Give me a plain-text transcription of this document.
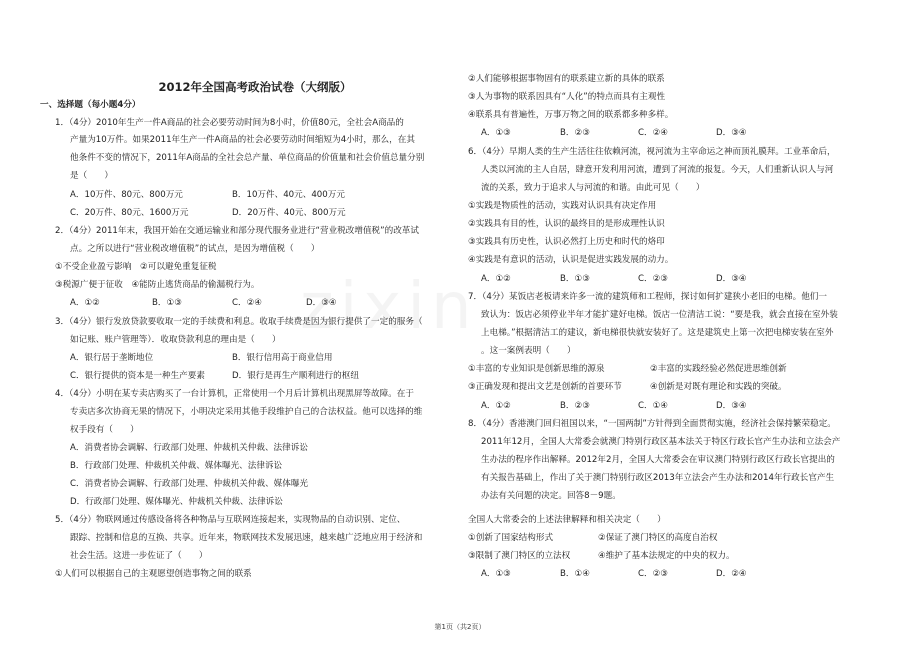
2012年全国高考政治试卷（大纲版）
一、选择题（每小题4分）
1．（4分）2010年生产一件A商品的社会必要劳动时间为8小时，价值80元，全社会A商品的
产量为10万件。如果2011年生产一件A商品的社会必要劳动时间缩短为4小时，那么，在其
他条件不变的情况下，2011年A商品的全社会总产量、单位商品的价值量和社会价值总量分别
是（　　）
A．10万件、80元、800万元	B．10万件、40元、400万元
C．20万件、80元、1600万元	D．20万件、40元、800万元
2．（4分）2011年末，我国开始在交通运输业和部分现代服务业进行“营业税改增值税”的改革试
点。之所以进行“营业税改增值税”的试点，是因为增值税（　　）
①不受企业盈亏影响　②可以避免重复征税
③税源广便于征收　④能防止逃货商品的偷漏税行为。
A．①②	B．①③	C．②④	D．③④
3．（4分）银行发放贷款要收取一定的手续费和利息。收取手续费是因为银行提供了一定的服务（
如记账、账户管理等）．收取贷款利息的理由是（　　）
A．银行居于垄断地位	B．银行信用高于商业信用
C．银行提供的资本是一种生产要素	D．银行是再生产顺利进行的枢纽
4．（4分）小明在某专卖店购买了一台计算机，正常使用一个月后计算机出现黑屏等故障。在于
专卖店多次协商无果的情况下，小明决定采用其他手段维护自己的合法权益。他可以选择的维
权手段有（　　）
A．消费者协会调解、行政部门处理、仲裁机关仲裁、法律诉讼
B．行政部门处理、仲裁机关仲裁、媒体曝光、法律诉讼
C．消费者协会调解、行政部门处理、仲裁机关仲裁、媒体曝光
D．行政部门处理、媒体曝光、仲裁机关仲裁、法律诉讼
5．（4分）物联网通过传感设备将各种物品与互联网连接起来，实现物品的自动识别、定位、
跟踪、控制和信息的互换、共享。近年来，物联网技术发展迅速，越来越广泛地应用于经济和
社会生活。这进一步佐证了（　　）
①人们可以根据自己的主观愿望创造事物之间的联系
②人们能够根据事物固有的联系建立新的具体的联系
③人为事物的联系因具有“人化”的特点而具有主观性
④联系具有普遍性，万事万物之间的联系都多种多样。
A．①③	B．②③	C．②④	D．③④
6．（4分）早期人类的生产生活往往依赖河流，视河流为主宰命运之神而顶礼膜拜。工业革命后，
人类以河流的主人自居，肆意开发利用河流，遭到了河流的报复。今天，人们重新认识人与河
流的关系，致力于追求人与河流的和谐。由此可见（　　）
①实践是物质性的活动，实践对认识具有决定作用
②实践具有目的性，认识的最终目的是形成理性认识
③实践具有历史性，认识必然打上历史和时代的烙印
④实践是有意识的活动，认识是促进实践发展的动力。
A．①②	B．①③	C．②③	D．③④
7．（4分）某饭店老板请来许多一流的建筑师和工程师，探讨如何扩建狭小老旧的电梯。他们一
致认为：饭店必须停业半年才能扩建好电梯。饭店一位清洁工说：“要是我，就会直接在室外装
上电梯。”根据清洁工的建议，新电梯很快就安装好了。这是建筑史上第一次把电梯安装在室外
。这一案例表明（　　）
①丰富的专业知识是创新思维的源泉	②丰富的实践经验必然促进思维创新
③正确发现和提出文艺是创新的首要环节	④创新是对既有理论和实践的突破。
A．①②	B．②③	C．①④	D．③④
8．（4分）香港澳门回归祖国以来，“一国两制”方针得到全面贯彻实施，经济社会保持繁荣稳定。
2011年12月，全国人大常委会就澳门特别行政区基本法关于特区行政长官产生办法和立法会产
生办法的程序作出解释。2012年2月，全国人大常委会在审议澳门特别行政区行政长官提出的
有关报告基础上，作出了关于澳门特别行政区2013年立法会产生办法和2014年行政长官产生
办法有关问题的决定。回答8－9题。
全国人大常委会的上述法律解释和相关决定（　　）
①创新了国家结构形式	②保证了澳门特区的高度自治权
③限制了澳门特区的立法权	④维护了基本法规定的中央的权力。
A．①③	B．①④	C．②③	D．②④
第1页（共2页）
